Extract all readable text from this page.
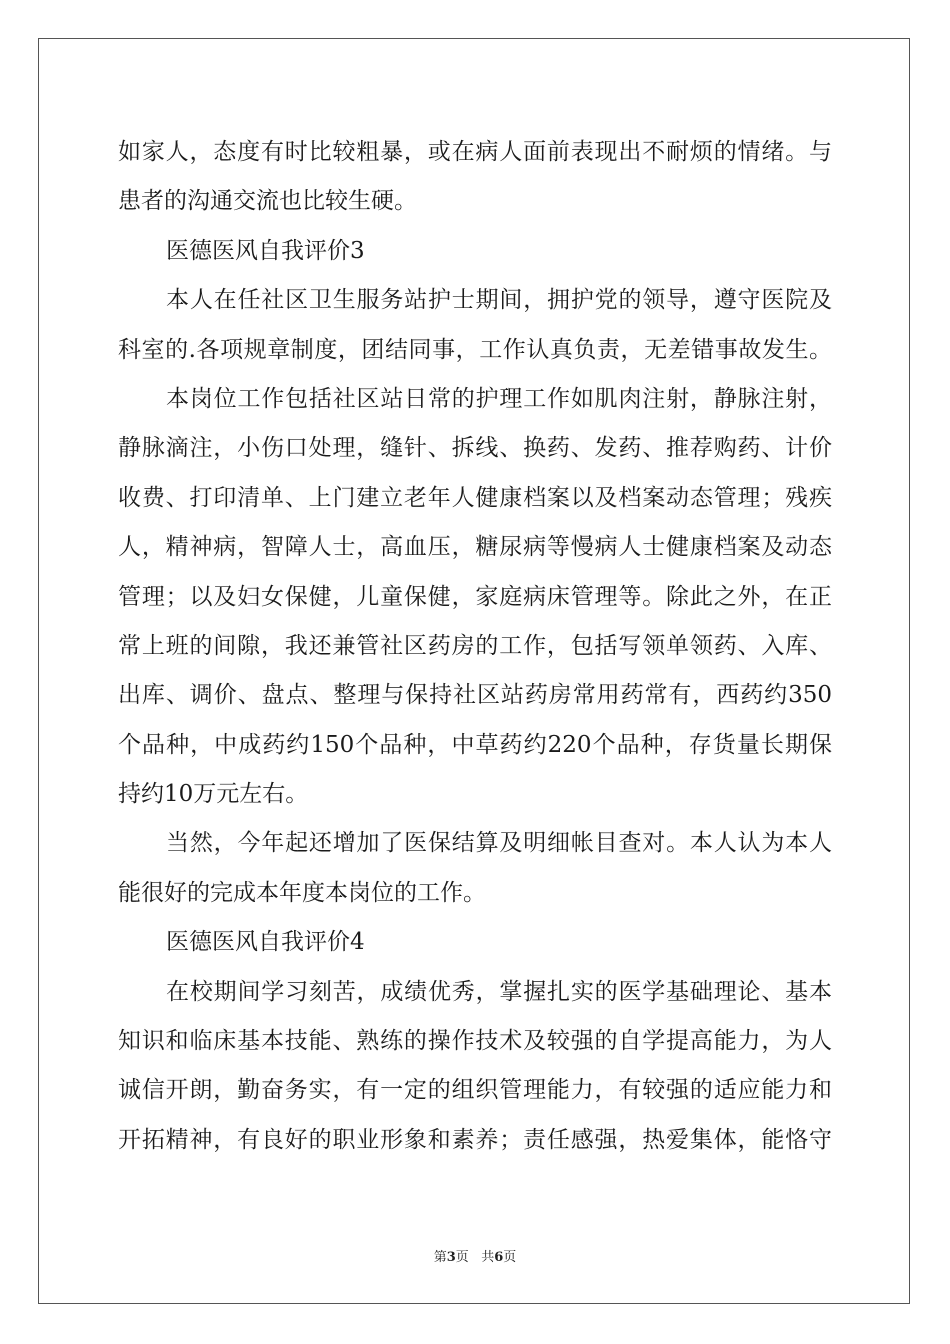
如家人，态度有时比较粗暴，或在病人面前表现出不耐烦的情绪。与
患者的沟通交流也比较生硬。
医德医风自我评价3
本人在任社区卫生服务站护士期间，拥护党的领导，遵守医院及
科室的.各项规章制度，团结同事，工作认真负责，无差错事故发生。
本岗位工作包括社区站日常的护理工作如肌肉注射，静脉注射，
静脉滴注，小伤口处理，缝针、拆线、换药、发药、推荐购药、计价
收费、打印清单、上门建立老年人健康档案以及档案动态管理；残疾
人，精神病，智障人士，高血压，糖尿病等慢病人士健康档案及动态
管理；以及妇女保健，儿童保健，家庭病床管理等。除此之外，在正
常上班的间隙，我还兼管社区药房的工作，包括写领单领药、入库、
出库、调价、盘点、整理与保持社区站药房常用药常有，西药约350
个品种，中成药约150个品种，中草药约220个品种，存货量长期保
持约10万元左右。
当然，今年起还增加了医保结算及明细帐目查对。本人认为本人
能很好的完成本年度本岗位的工作。
医德医风自我评价4
在校期间学习刻苦，成绩优秀，掌握扎实的医学基础理论、基本
知识和临床基本技能、熟练的操作技术及较强的自学提高能力，为人
诚信开朗，勤奋务实，有一定的组织管理能力，有较强的适应能力和
开拓精神，有良好的职业形象和素养；责任感强，热爱集体，能恪守
第3页 共6页
